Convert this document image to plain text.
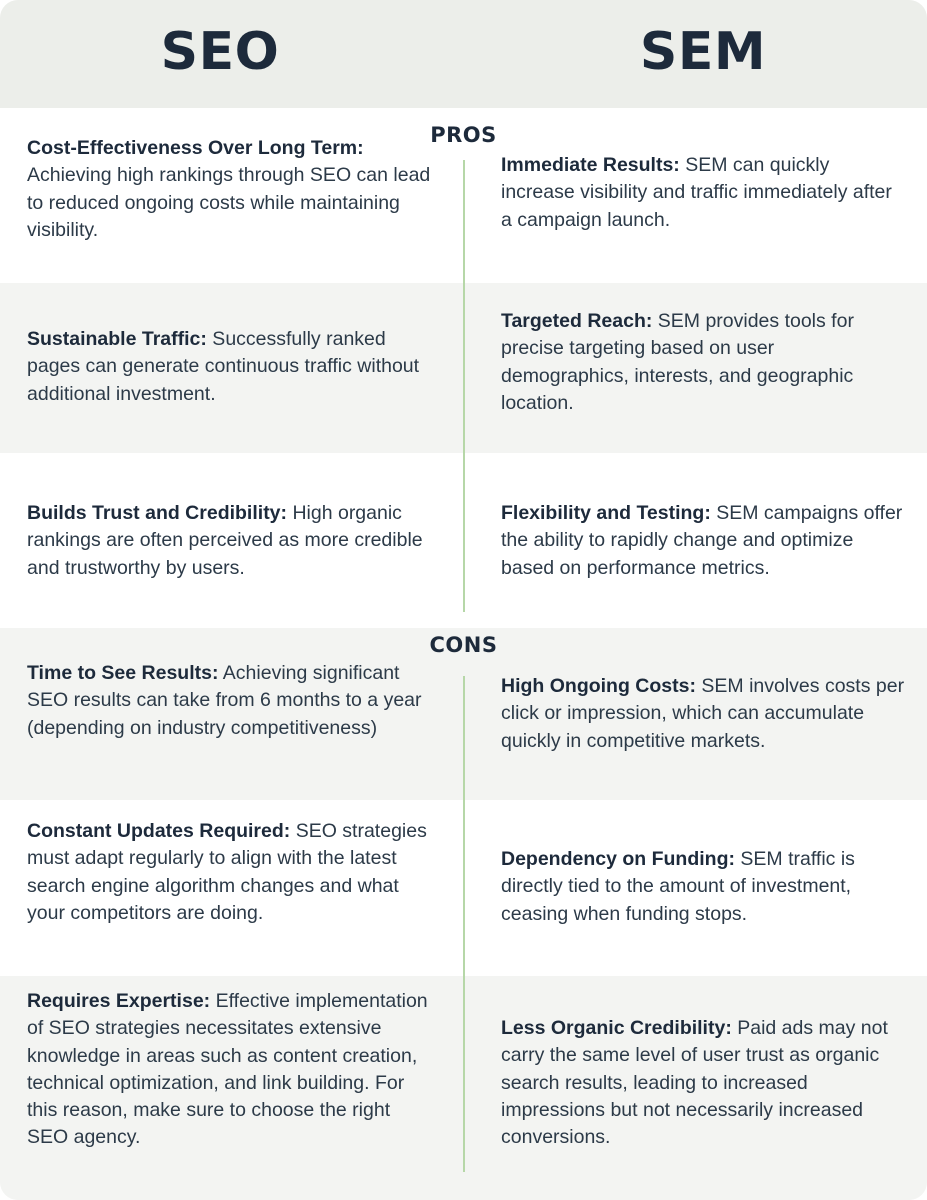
SEO	SEM
PROS
CONS
Cost-Effectiveness Over Long Term: Achieving high rankings through SEO can lead to reduced ongoing costs while maintaining visibility.
Immediate Results: SEM can quickly increase visibility and traffic immediately after a campaign launch.
Sustainable Traffic: Successfully ranked pages can generate continuous traffic without additional investment.
Targeted Reach: SEM provides tools for precise targeting based on user demographics, interests, and geographic location.
Builds Trust and Credibility: High organic rankings are often perceived as more credible and trustworthy by users.
Flexibility and Testing: SEM campaigns offer the ability to rapidly change and optimize based on performance metrics.
Time to See Results: Achieving significant SEO results can take from 6 months to a year (depending on industry competitiveness)
High Ongoing Costs: SEM involves costs per click or impression, which can accumulate quickly in competitive markets.
Constant Updates Required: SEO strategies must adapt regularly to align with the latest search engine algorithm changes and what your competitors are doing.
Dependency on Funding: SEM traffic is directly tied to the amount of investment, ceasing when funding stops.
Requires Expertise: Effective implementation of SEO strategies necessitates extensive knowledge in areas such as content creation, technical optimization, and link building. For this reason, make sure to choose the right SEO agency.
Less Organic Credibility: Paid ads may not carry the same level of user trust as organic search results, leading to increased impressions but not necessarily increased conversions.
